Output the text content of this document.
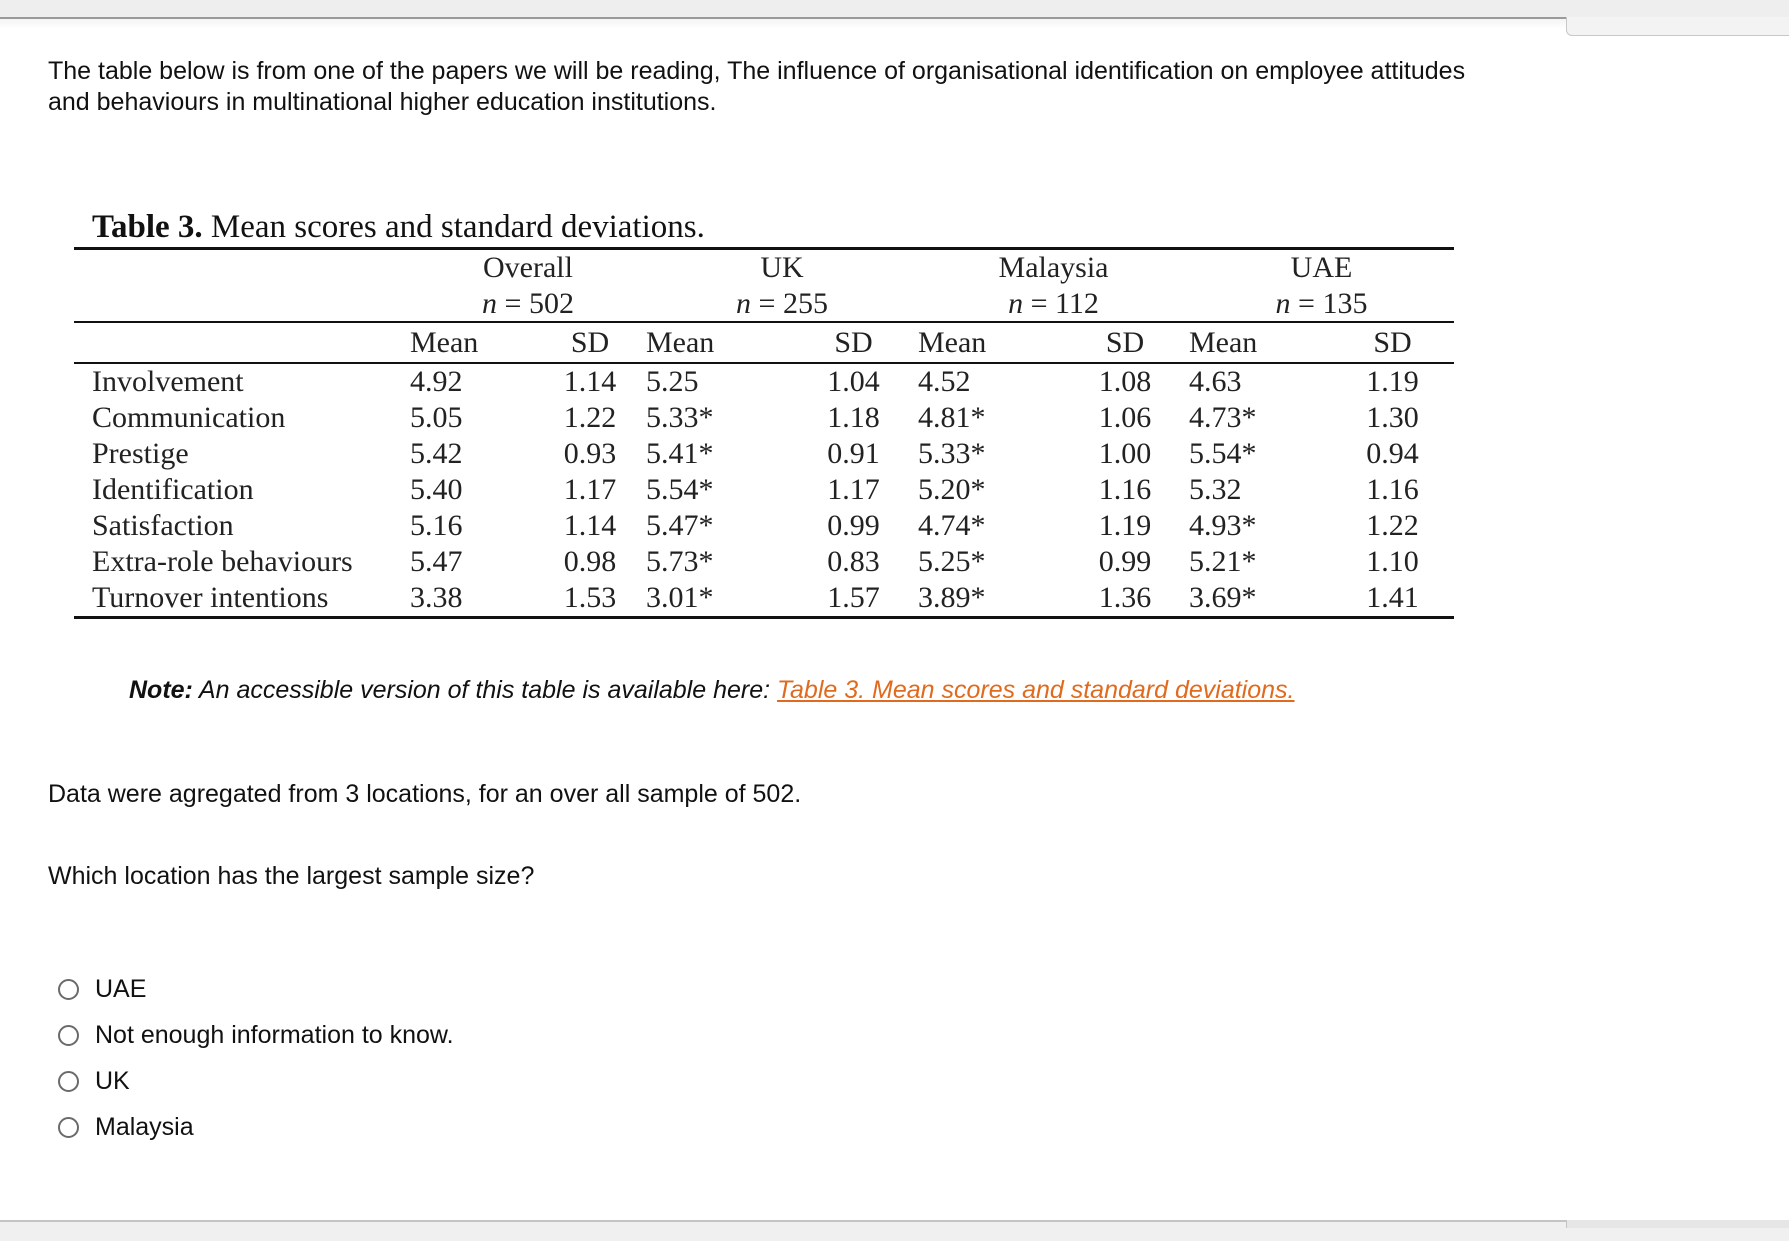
The table below is from one of the papers we will be reading, The influence of organisational identification on employee attitudes and behaviours in multinational higher education institutions.

Table 3. Mean scores and standard deviations.

	Overall		UK		Malaysia		UAE	
	n = 502		n = 255		n = 112		n = 135	
	Mean	SD	Mean	SD	Mean	SD	Mean	SD
Involvement	4.92	1.14	5.25	1.04	4.52	1.08	4.63	1.19
Communication	5.05	1.22	5.33*	1.18	4.81*	1.06	4.73*	1.30
Prestige	5.42	0.93	5.41*	0.91	5.33*	1.00	5.54*	0.94
Identification	5.40	1.17	5.54*	1.17	5.20*	1.16	5.32	1.16
Satisfaction	5.16	1.14	5.47*	0.99	4.74*	1.19	4.93*	1.22
Extra-role behaviours	5.47	0.98	5.73*	0.83	5.25*	0.99	5.21*	1.10
Turnover intentions	3.38	1.53	3.01*	1.57	3.89*	1.36	3.69*	1.41

Note: An accessible version of this table is available here: Table 3. Mean scores and standard deviations.

Data were agregated from 3 locations, for an over all sample of 502.

Which location has the largest sample size?

UAE
Not enough information to know.
UK
Malaysia
